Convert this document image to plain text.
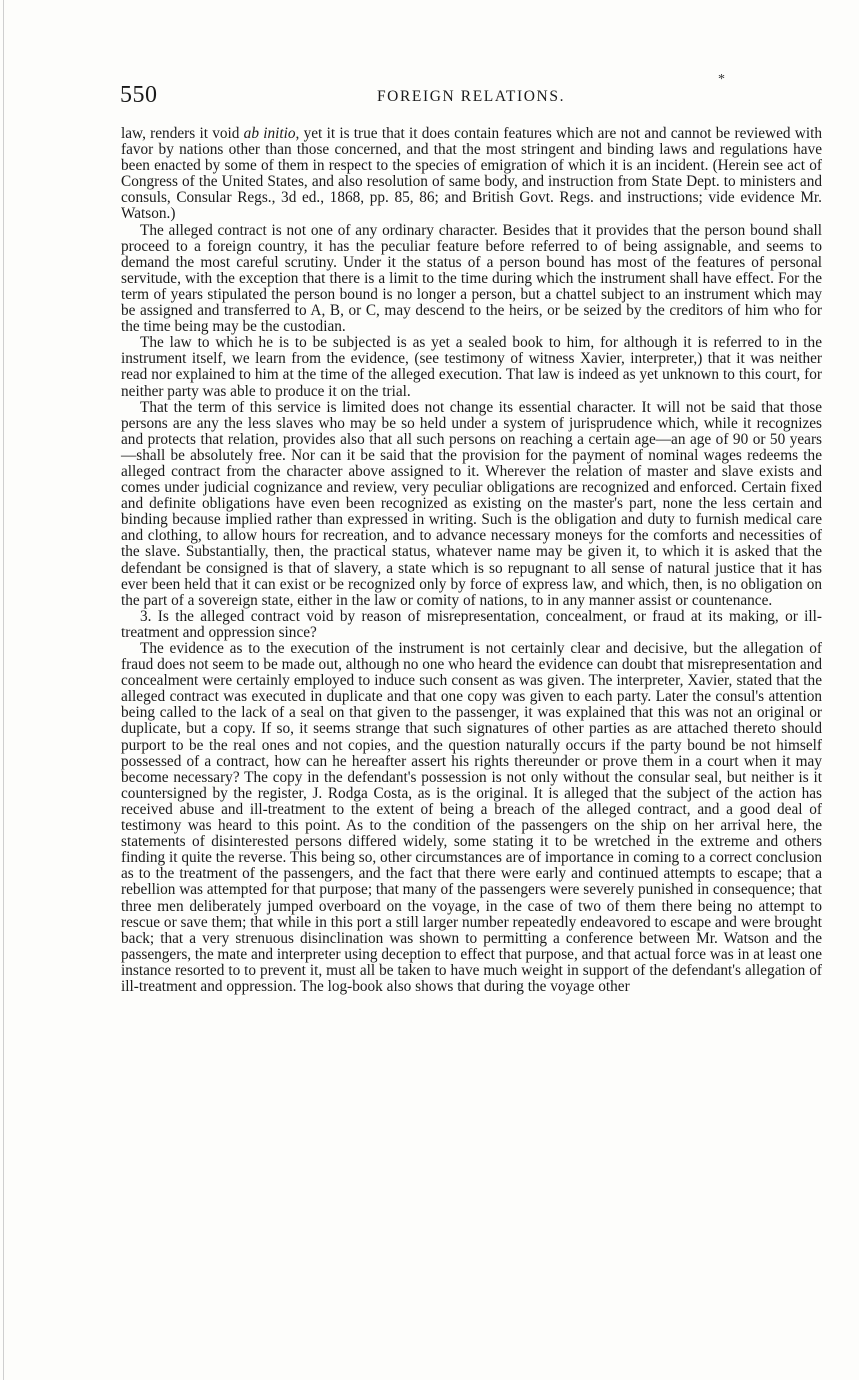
*
550	FOREIGN RELATIONS.

law, renders it void ab initio, yet it is true that it does contain features which are not and cannot be reviewed with favor by nations other than those concerned, and that the most stringent and binding laws and regulations have been enacted by some of them in respect to the species of emigration of which it is an incident. (Herein see act of Congress of the United States, and also resolution of same body, and instruction from State Dept. to ministers and consuls, Consular Regs., 3d ed., 1868, pp. 85, 86; and British Govt. Regs. and instructions; vide evidence Mr. Watson.)

The alleged contract is not one of any ordinary character. Besides that it provides that the person bound shall proceed to a foreign country, it has the peculiar feature before referred to of being assignable, and seems to demand the most careful scrutiny. Under it the status of a person bound has most of the features of personal servitude, with the exception that there is a limit to the time during which the instrument shall have effect. For the term of years stipulated the person bound is no longer a person, but a chattel subject to an instrument which may be assigned and transferred to A, B, or C, may descend to the heirs, or be seized by the creditors of him who for the time being may be the custodian.

The law to which he is to be subjected is as yet a sealed book to him, for although it is referred to in the instrument itself, we learn from the evidence, (see testimony of witness Xavier, interpreter,) that it was neither read nor explained to him at the time of the alleged execution. That law is indeed as yet unknown to this court, for neither party was able to produce it on the trial.

That the term of this service is limited does not change its essential character. It will not be said that those persons are any the less slaves who may be so held under a system of jurisprudence which, while it recognizes and protects that relation, provides also that all such persons on reaching a certain age—an age of 90 or 50 years—shall be absolutely free. Nor can it be said that the provision for the payment of nominal wages redeems the alleged contract from the character above assigned to it. Wherever the relation of master and slave exists and comes under judicial cognizance and review, very peculiar obligations are recognized and enforced. Certain fixed and definite obligations have even been recognized as existing on the master's part, none the less certain and binding because implied rather than expressed in writing. Such is the obligation and duty to furnish medical care and clothing, to allow hours for recreation, and to advance necessary moneys for the comforts and necessities of the slave. Substantially, then, the practical status, whatever name may be given it, to which it is asked that the defendant be consigned is that of slavery, a state which is so repugnant to all sense of natural justice that it has ever been held that it can exist or be recognized only by force of express law, and which, then, is no obligation on the part of a sovereign state, either in the law or comity of nations, to in any manner assist or countenance.

3. Is the alleged contract void by reason of misrepresentation, concealment, or fraud at its making, or ill-treatment and oppression since?

The evidence as to the execution of the instrument is not certainly clear and decisive, but the allegation of fraud does not seem to be made out, although no one who heard the evidence can doubt that misrepresentation and concealment were certainly employed to induce such consent as was given. The interpreter, Xavier, stated that the alleged contract was executed in duplicate and that one copy was given to each party. Later the consul's attention being called to the lack of a seal on that given to the passenger, it was explained that this was not an original or duplicate, but a copy. If so, it seems strange that such signatures of other parties as are attached thereto should purport to be the real ones and not copies, and the question naturally occurs if the party bound be not himself possessed of a contract, how can he hereafter assert his rights thereunder or prove them in a court when it may become necessary? The copy in the defendant's possession is not only without the consular seal, but neither is it countersigned by the register, J. Rodga Costa, as is the original. It is alleged that the subject of the action has received abuse and ill-treatment to the extent of being a breach of the alleged contract, and a good deal of testimony was heard to this point. As to the condition of the passengers on the ship on her arrival here, the statements of disinterested persons differed widely, some stating it to be wretched in the extreme and others finding it quite the reverse. This being so, other circumstances are of importance in coming to a correct conclusion as to the treatment of the passengers, and the fact that there were early and continued attempts to escape; that a rebellion was attempted for that purpose; that many of the passengers were severely punished in consequence; that three men deliberately jumped overboard on the voyage, in the case of two of them there being no attempt to rescue or save them; that while in this port a still larger number repeatedly endeavored to escape and were brought back; that a very strenuous disinclination was shown to permitting a conference between Mr. Watson and the passengers, the mate and interpreter using deception to effect that purpose, and that actual force was in at least one instance resorted to to prevent it, must all be taken to have much weight in support of the defendant's allegation of ill-treatment and oppression. The log-book also shows that during the voyage other
